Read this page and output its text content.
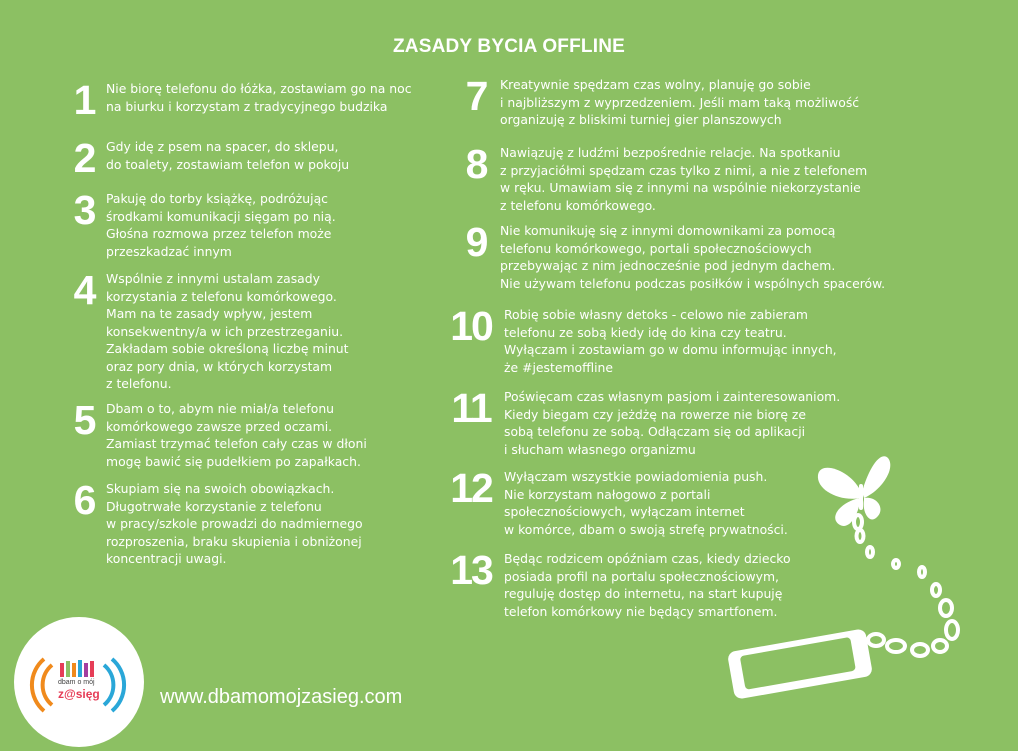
ZASADY BYCIA OFFLINE
1 Nie biorę telefonu do łóżka, zostawiam go na noc
na biurku i korzystam z tradycyjnego budzika
2 Gdy idę z psem na spacer, do sklepu,
do toalety, zostawiam telefon w pokoju
3 Pakuję do torby książkę, podróżując
środkami komunikacji sięgam po nią.
Głośna rozmowa przez telefon może
przeszkadzać innym
4 Wspólnie z innymi ustalam zasady
korzystania z telefonu komórkowego.
Mam na te zasady wpływ, jestem
konsekwentny/a w ich przestrzeganiu.
Zakładam sobie określoną liczbę minut
oraz pory dnia, w których korzystam
z telefonu.
5 Dbam o to, abym nie miał/a telefonu
komórkowego zawsze przed oczami.
Zamiast trzymać telefon cały czas w dłoni
mogę bawić się pudełkiem po zapałkach.
6 Skupiam się na swoich obowiązkach.
Długotrwałe korzystanie z telefonu
w pracy/szkole prowadzi do nadmiernego
rozproszenia, braku skupienia i obniżonej
koncentracji uwagi.
7 Kreatywnie spędzam czas wolny, planuję go sobie
i najbliższym z wyprzedzeniem. Jeśli mam taką możliwość
organizuję z bliskimi turniej gier planszowych
8 Nawiązuję z ludźmi bezpośrednie relacje. Na spotkaniu
z przyjaciółmi spędzam czas tylko z nimi, a nie z telefonem
w ręku. Umawiam się z innymi na wspólnie niekorzystanie
z telefonu komórkowego.
9 Nie komunikuję się z innymi domownikami za pomocą
telefonu komórkowego, portali społecznościowych
przebywając z nim jednocześnie pod jednym dachem.
Nie używam telefonu podczas posiłków i wspólnych spacerów.
10 Robię sobie własny detoks - celowo nie zabieram
telefonu ze sobą kiedy idę do kina czy teatru.
Wyłączam i zostawiam go w domu informując innych,
że #jestemoffline
11	Poświęcam czas własnym pasjom i zainteresowaniom.
Kiedy biegam czy jeżdżę na rowerze nie biorę ze
sobą telefonu ze sobą. Odłączam się od aplikacji
i słucham własnego organizmu
12 Wyłączam wszystkie powiadomienia push.
Nie korzystam nałogowo z portali
społecznościowych, wyłączam internet
w komórce, dbam o swoją strefę prywatności.
13 Będąc rodzicem opóźniam czas, kiedy dziecko
posiada profil na portalu społecznościowym,
reguluję dostęp do internetu, na start kupuję
telefon komórkowy nie będący smartfonem.
dbam o mój
z@sięg	www.dbamomojzasieg.com
